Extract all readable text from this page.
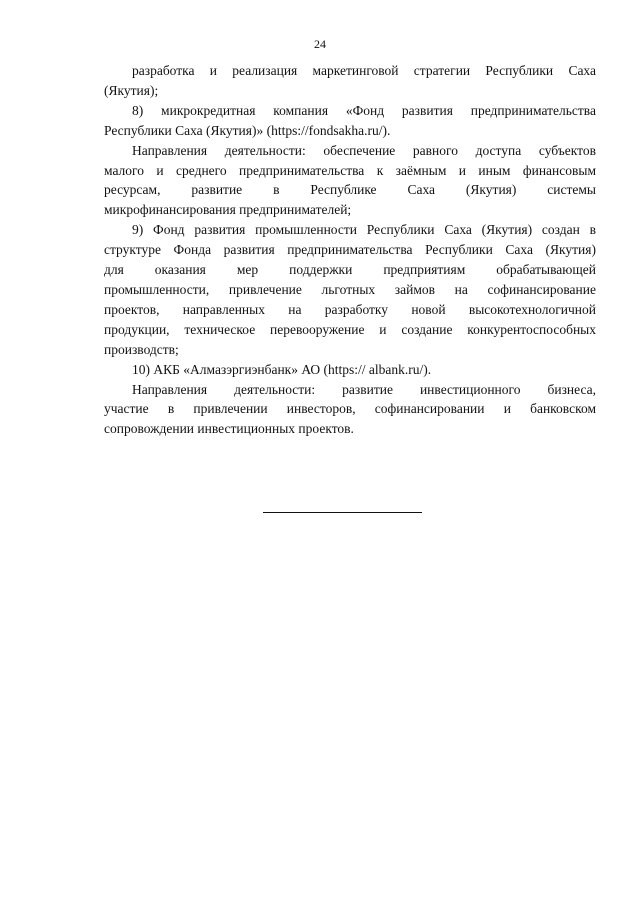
24

разработка и реализация маркетинговой стратегии Республики Саха
(Якутия);

8) микрокредитная компания «Фонд развития предпринимательства
Республики Саха (Якутия)» (https://fondsakha.ru/).

Направления деятельности: обеспечение равного доступа субъектов
малого и среднего предпринимательства к заёмным и иным финансовым
ресурсам, развитие в Республике Саха (Якутия) системы
микрофинансирования предпринимателей;

9) Фонд развития промышленности Республики Саха (Якутия) создан в
структуре Фонда развития предпринимательства Республики Саха (Якутия)
для оказания мер поддержки предприятиям обрабатывающей
промышленности, привлечение льготных займов на софинансирование
проектов, направленных на разработку новой высокотехнологичной
продукции, техническое перевооружение и создание конкурентоспособных
производств;

10) АКБ «Алмазэргиэнбанк» АО (https:// albank.ru/).

Направления деятельности: развитие инвестиционного бизнеса,
участие в привлечении инвесторов, софинансировании и банковском
сопровождении инвестиционных проектов.
